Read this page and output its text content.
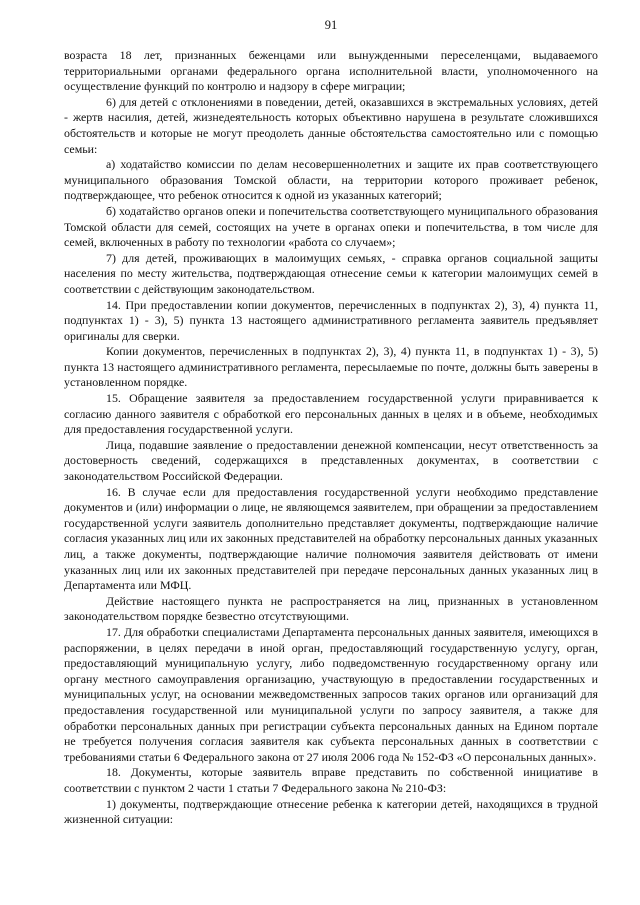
91

возраста 18 лет, признанных беженцами или вынужденными переселенцами, выдаваемого территориальными органами федерального органа исполнительной власти, уполномоченного на осуществление функций по контролю и надзору в сфере миграции;

6) для детей с отклонениями в поведении, детей, оказавшихся в экстремальных условиях, детей - жертв насилия, детей, жизнедеятельность которых объективно нарушена в результате сложившихся обстоятельств и которые не могут преодолеть данные обстоятельства самостоятельно или с помощью семьи:

а) ходатайство комиссии по делам несовершеннолетних и защите их прав соответствующего муниципального образования Томской области, на территории которого проживает ребенок, подтверждающее, что ребенок относится к одной из указанных категорий;

б) ходатайство органов опеки и попечительства соответствующего муниципального образования Томской области для семей, состоящих на учете в органах опеки и попечительства, в том числе для семей, включенных в работу по технологии «работа со случаем»;

7) для детей, проживающих в малоимущих семьях, - справка органов социальной защиты населения по месту жительства, подтверждающая отнесение семьи к категории малоимущих семей в соответствии с действующим законодательством.

14. При предоставлении копии документов, перечисленных в подпунктах 2), 3), 4) пункта 11, подпунктах 1) - 3), 5) пункта 13 настоящего административного регламента заявитель предъявляет оригиналы для сверки.

Копии документов, перечисленных в подпунктах 2), 3), 4) пункта 11, в подпунктах 1) - 3), 5) пункта 13 настоящего административного регламента, пересылаемые по почте, должны быть заверены в установленном порядке.

15. Обращение заявителя за предоставлением государственной услуги приравнивается к согласию данного заявителя с обработкой его персональных данных в целях и в объеме, необходимых для предоставления государственной услуги.

Лица, подавшие заявление о предоставлении денежной компенсации, несут ответственность за достоверность сведений, содержащихся в представленных документах, в соответствии с законодательством Российской Федерации.

16. В случае если для предоставления государственной услуги необходимо представление документов и (или) информации о лице, не являющемся заявителем, при обращении за предоставлением государственной услуги заявитель дополнительно представляет документы, подтверждающие наличие согласия указанных лиц или их законных представителей на обработку персональных данных указанных лиц, а также документы, подтверждающие наличие полномочия заявителя действовать от имени указанных лиц или их законных представителей при передаче персональных данных указанных лиц в Департамента или МФЦ.

Действие настоящего пункта не распространяется на лиц, признанных в установленном законодательством порядке безвестно отсутствующими.

17. Для обработки специалистами Департамента персональных данных заявителя, имеющихся в распоряжении, в целях передачи в иной орган, предоставляющий государственную услугу, орган, предоставляющий муниципальную услугу, либо подведомственную государственному органу или органу местного самоуправления организацию, участвующую в предоставлении государственных и муниципальных услуг, на основании межведомственных запросов таких органов или организаций для предоставления государственной или муниципальной услуги по запросу заявителя, а также для обработки персональных данных при регистрации субъекта персональных данных на Едином портале не требуется получения согласия заявителя как субъекта персональных данных в соответствии с требованиями статьи 6 Федерального закона от 27 июля 2006 года № 152-ФЗ «О персональных данных».

18. Документы, которые заявитель вправе представить по собственной инициативе в соответствии с пунктом 2 части 1 статьи 7 Федерального закона № 210-ФЗ:

1) документы, подтверждающие отнесение ребенка к категории детей, находящихся в трудной жизненной ситуации:
